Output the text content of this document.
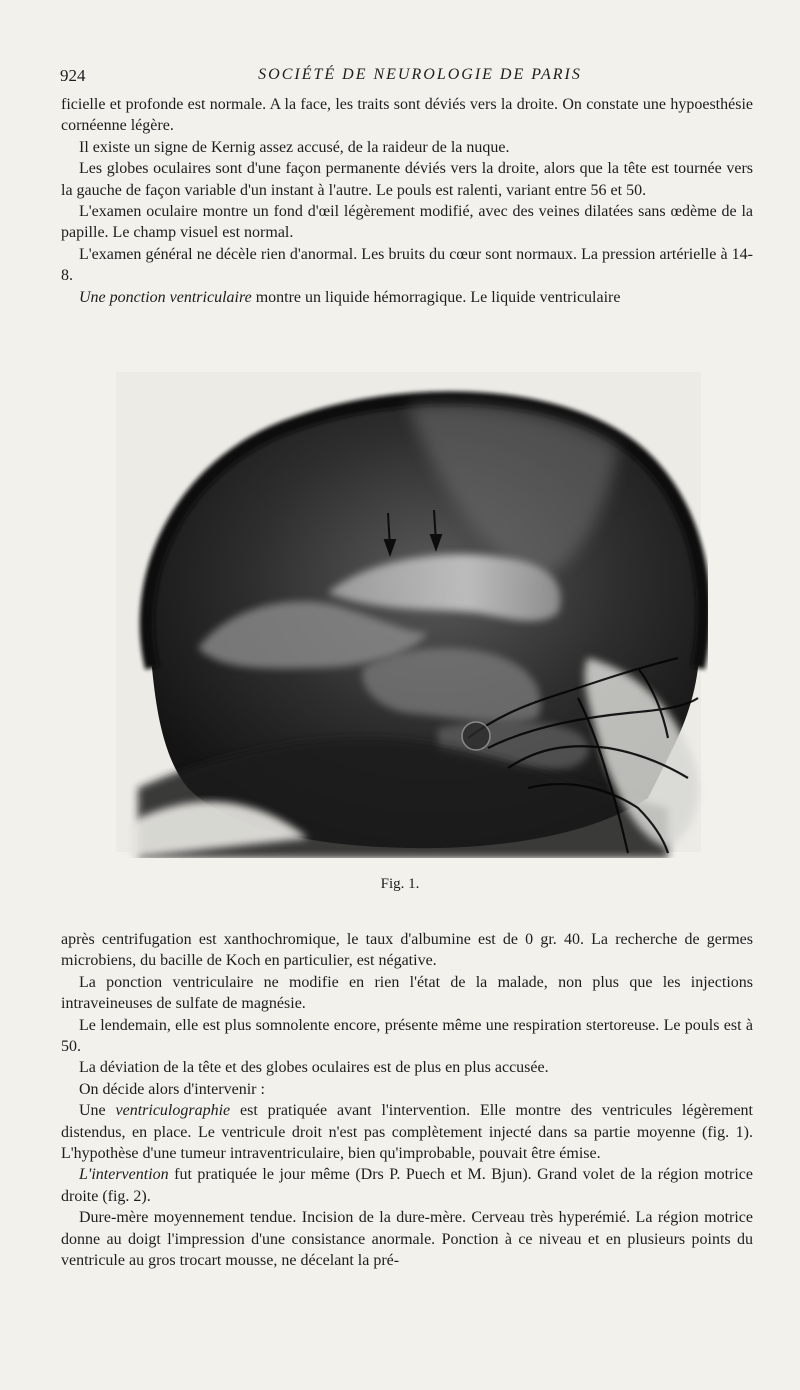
924	SOCIÉTÉ DE NEUROLOGIE DE PARIS

ficielle et profonde est normale. A la face, les traits sont déviés vers la droite. On constate une hypoesthésie cornéenne légère.

Il existe un signe de Kernig assez accusé, de la raideur de la nuque.

Les globes oculaires sont d'une façon permanente déviés vers la droite, alors que la tête est tournée vers la gauche de façon variable d'un instant à l'autre. Le pouls est ralenti, variant entre 56 et 50.

L'examen oculaire montre un fond d'œil légèrement modifié, avec des veines dilatées sans œdème de la papille. Le champ visuel est normal.

L'examen général ne décèle rien d'anormal. Les bruits du cœur sont normaux. La pression artérielle à 14-8.

Une ponction ventriculaire montre un liquide hémorragique. Le liquide ventriculaire

Fig. 1.

après centrifugation est xanthochromique, le taux d'albumine est de 0 gr. 40. La recherche de germes microbiens, du bacille de Koch en particulier, est négative.

La ponction ventriculaire ne modifie en rien l'état de la malade, non plus que les injections intraveineuses de sulfate de magnésie.

Le lendemain, elle est plus somnolente encore, présente même une respiration stertoreuse. Le pouls est à 50.

La déviation de la tête et des globes oculaires est de plus en plus accusée.

On décide alors d'intervenir :

Une ventriculographie est pratiquée avant l'intervention. Elle montre des ventricules légèrement distendus, en place. Le ventricule droit n'est pas complètement injecté dans sa partie moyenne (fig. 1). L'hypothèse d'une tumeur intraventriculaire, bien qu'improbable, pouvait être émise.

L'intervention fut pratiquée le jour même (Drs P. Puech et M. Bjun). Grand volet de la région motrice droite (fig. 2).

Dure-mère moyennement tendue. Incision de la dure-mère. Cerveau très hyperémié. La région motrice donne au doigt l'impression d'une consistance anormale. Ponction à ce niveau et en plusieurs points du ventricule au gros trocart mousse, ne décelant la pré-
